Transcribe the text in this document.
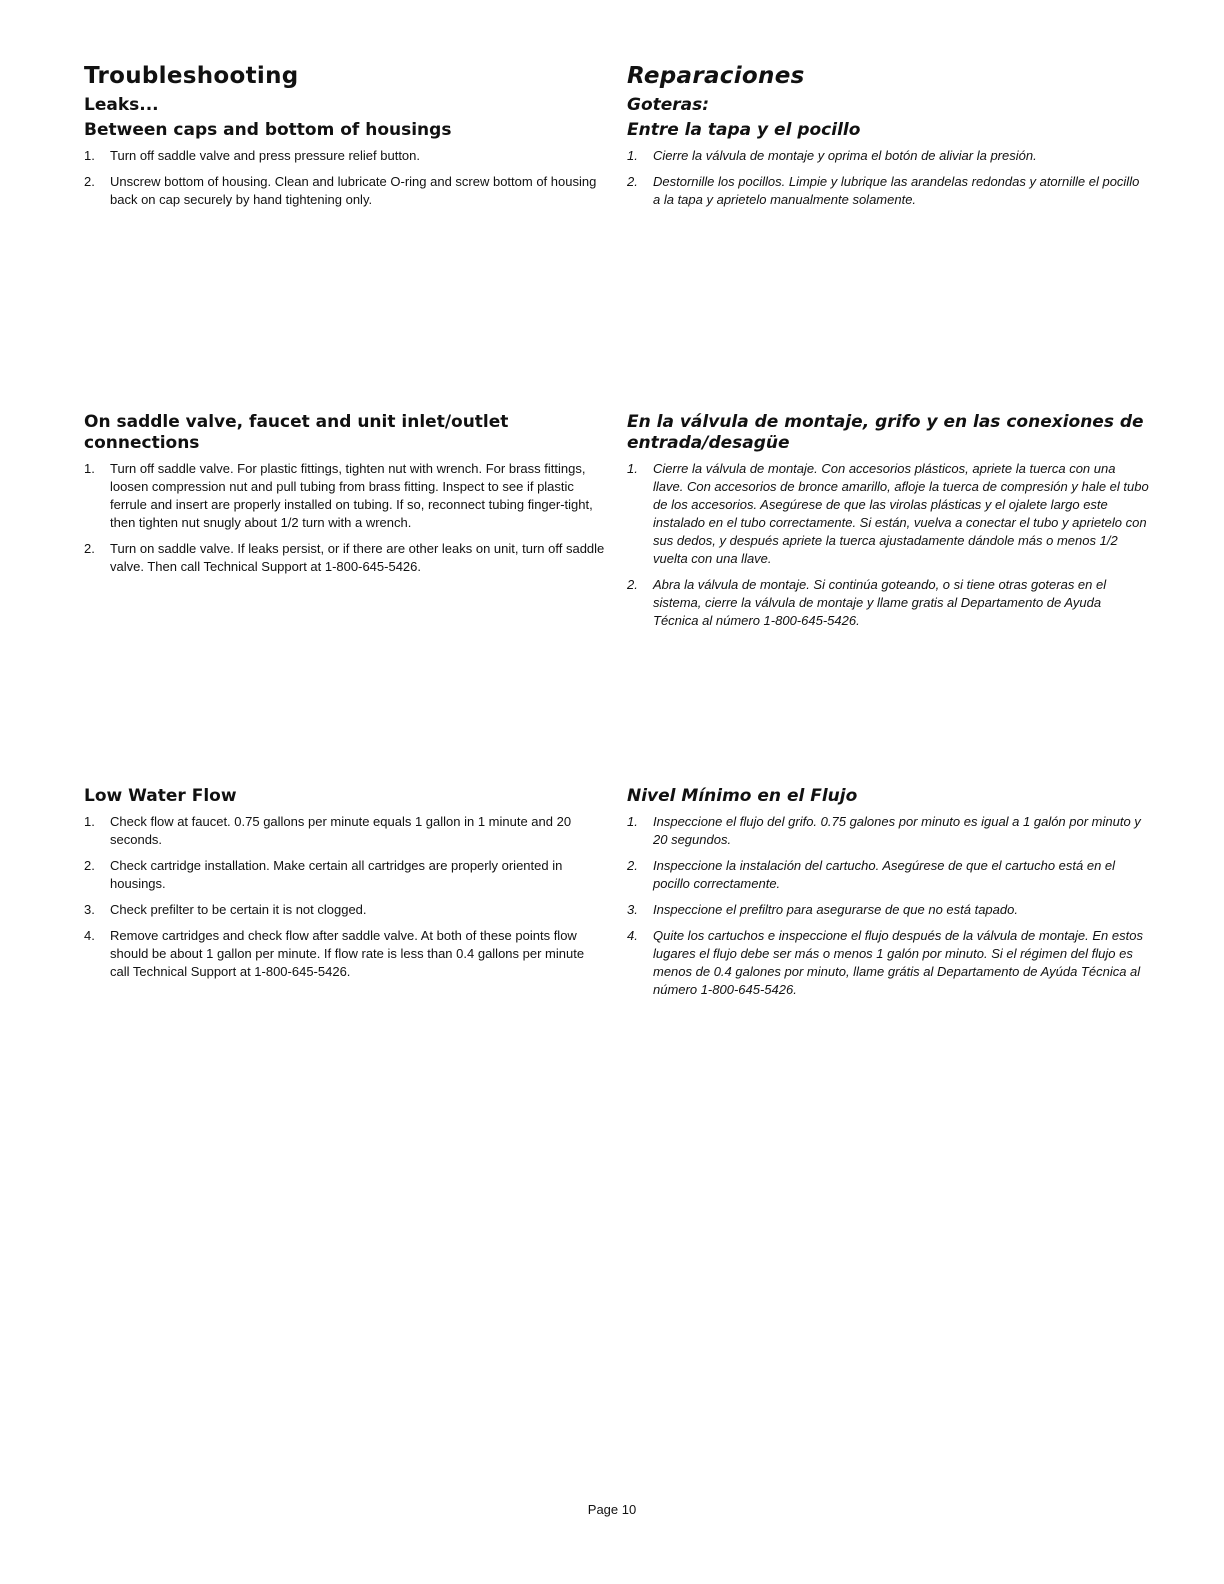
Troubleshooting
Leaks...
Between caps and bottom of housings
1. Turn off saddle valve and press pressure relief button.
2. Unscrew bottom of housing. Clean and lubricate O-ring and screw bottom of housing back on cap securely by hand tightening only.
On saddle valve, faucet and unit inlet/outlet connections
1. Turn off saddle valve. For plastic fittings, tighten nut with wrench. For brass fittings, loosen compression nut and pull tubing from brass fitting. Inspect to see if plastic ferrule and insert are properly installed on tubing. If so, reconnect tubing finger-tight, then tighten nut snugly about 1/2 turn with a wrench.
2. Turn on saddle valve. If leaks persist, or if there are other leaks on unit, turn off saddle valve. Then call Technical Support at 1-800-645-5426.
Low Water Flow
1. Check flow at faucet. 0.75 gallons per minute equals 1 gallon in 1 minute and 20 seconds.
2. Check cartridge installation. Make certain all cartridges are properly oriented in housings.
3. Check prefilter to be certain it is not clogged.
4. Remove cartridges and check flow after saddle valve. At both of these points flow should be about 1 gallon per minute. If flow rate is less than 0.4 gallons per minute call Technical Support at 1-800-645-5426.
Reparaciones
Goteras:
Entre la tapa y el pocillo
1. Cierre la válvula de montaje y oprima el botón de aliviar la presión.
2. Destornille los pocillos. Limpie y lubrique las arandelas redondas y atornille el pocillo a la tapa y aprietelo manualmente solamente.
En la válvula de montaje, grifo y en las conexiones de entrada/desagüe
1. Cierre la válvula de montaje. Con accesorios plásticos, apriete la tuerca con una llave. Con accesorios de bronce amarillo, afloje la tuerca de compresión y hale el tubo de los accesorios. Asegúrese de que las virolas plásticas y el ojalete largo este instalado en el tubo correctamente. Si están, vuelva a conectar el tubo y aprietelo con sus dedos, y después apriete la tuerca ajustadamente dándole más o menos 1/2 vuelta con una llave.
2. Abra la válvula de montaje. Si continúa goteando, o si tiene otras goteras en el sistema, cierre la válvula de montaje y llame gratis al Departamento de Ayuda Técnica al número 1-800-645-5426.
Nivel Mínimo en el Flujo
1. Inspeccione el flujo del grifo. 0.75 galones por minuto es igual a 1 galón por minuto y 20 segundos.
2. Inspeccione la instalación del cartucho. Asegúrese de que el cartucho está en el pocillo correctamente.
3. Inspeccione el prefiltro para asegurarse de que no está tapado.
4. Quite los cartuchos e inspeccione el flujo después de la válvula de montaje. En estos lugares el flujo debe ser más o menos 1 galón por minuto. Si el régimen del flujo es menos de 0.4 galones por minuto, llame grátis al Departamento de Ayúda Técnica al número 1-800-645-5426.
Page 10
